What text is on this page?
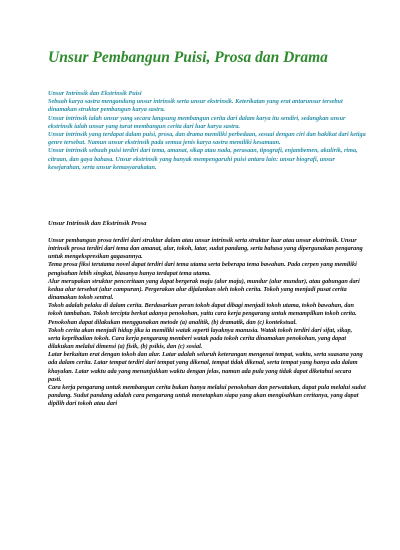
Unsur Pembangun Puisi, Prosa dan Drama

Unsur Intrinsik dan Ekstrinsik Puisi

Sebuah karya sastra mengandung unsur intrinsik serta unsur ekstrinsik. Keterikatan yang erat antarunsur tersebut dinamakan struktur pembangun karya sastra.

Unsur intrinsik ialah unsur yang secara langsung membangun cerita dari dalam karya itu sendiri, sedangkan unsur ekstrinsik ialah unsur yang turut membangun cerita dari luar karya sastra.

Unsur intrinsik yang terdapat dalam puisi, prosa, dan drama memiliki perbedaan, sesuai dengan ciri dan hakikat dari ketiga genre tersebut. Namun unsur ekstrinsik pada semua jenis karya sastra memiliki kesamaan.

Unsur intrinsik sebuah puisi terdiri dari tema, amanat, sikap atau nada, perasaan, tipografi, enjambemen, akulirik, rima, citraan, dan gaya bahasa. Unsur ekstrinsik yang banyak mempengaruhi puisi antara lain: unsur biografi, unsur kesejarahan, serta unsur kemasyarakatan.

Unsur Intrinsik dan Ekstrinsik Prosa

Unsur pembangun prosa terdiri dari struktur dalam atau unsur intrinsik serta struktur luar atau unsur ekstrinsik. Unsur intrinsik prosa terdiri dari tema dan amanat, alur, tokoh, latar, sudut pandang, serta bahasa yang dipergunakan pengarang untuk mengekspresikan gagasannya.

Tema prosa fiksi terutama novel dapat terdiri dari tema utama serta beberapa tema bawahan. Pada cerpen yang memiliki pengisahan lebih singkat, biasanya hanya terdapat tema utama.

Alur merupakan struktur penceritaan yang dapat bergerak maju (alur maju), mundur (alur mundur), atau gabungan dari kedua alur tersebut (alur campuran). Pergerakan alur dijalankan oleh tokoh cerita. Tokoh yang menjadi pusat cerita dinamakan tokoh sentral.

Tokoh adalah pelaku di dalam cerita. Berdasarkan peran tokoh dapat dibagi menjadi tokoh utama, tokoh bawahan, dan tokoh tambahan. Tokoh tercipta berkat adanya penokohan, yaitu cara kerja pengarang untuk menampilkan tokoh cerita. Penokohan dapat dilakukan menggunakan metode (a) analitik, (b) dramatik, dan (c) kontekstual.

Tokoh cerita akan menjadi hidup jika ia memiliki watak seperti layaknya manusia. Watak tokoh terdiri dari sifat, sikap, serta kepribadian tokoh. Cara kerja pengarang memberi watak pada tokoh cerita dinamakan penokohan, yang dapat dilakukan melalui dimensi (a) fisik, (b) psikis, dan (c) sosial.

Latar berkaitan erat dengan tokoh dan alur. Latar adalah seluruh keterangan mengenai tempat, waktu, serta suasana yang ada dalam cerita. Latar tempat terdiri dari tempat yang dikenal, tempat tidak dikenal, serta tempat yang hanya ada dalam khayalan. Latar waktu ada yang menunjukkan waktu dengan jelas, namun ada pula yang tidak dapat diketahui secara pasti.

Cara kerja pengarang untuk membangun cerita bukan hanya melalui penokohan dan perwatakan, dapat pula melalui sudut pandang. Sudut pandang adalah cara pengarang untuk menetapkan siapa yang akan mengisahkan ceritanya, yang dapat dipilih dari tokoh atau dari
